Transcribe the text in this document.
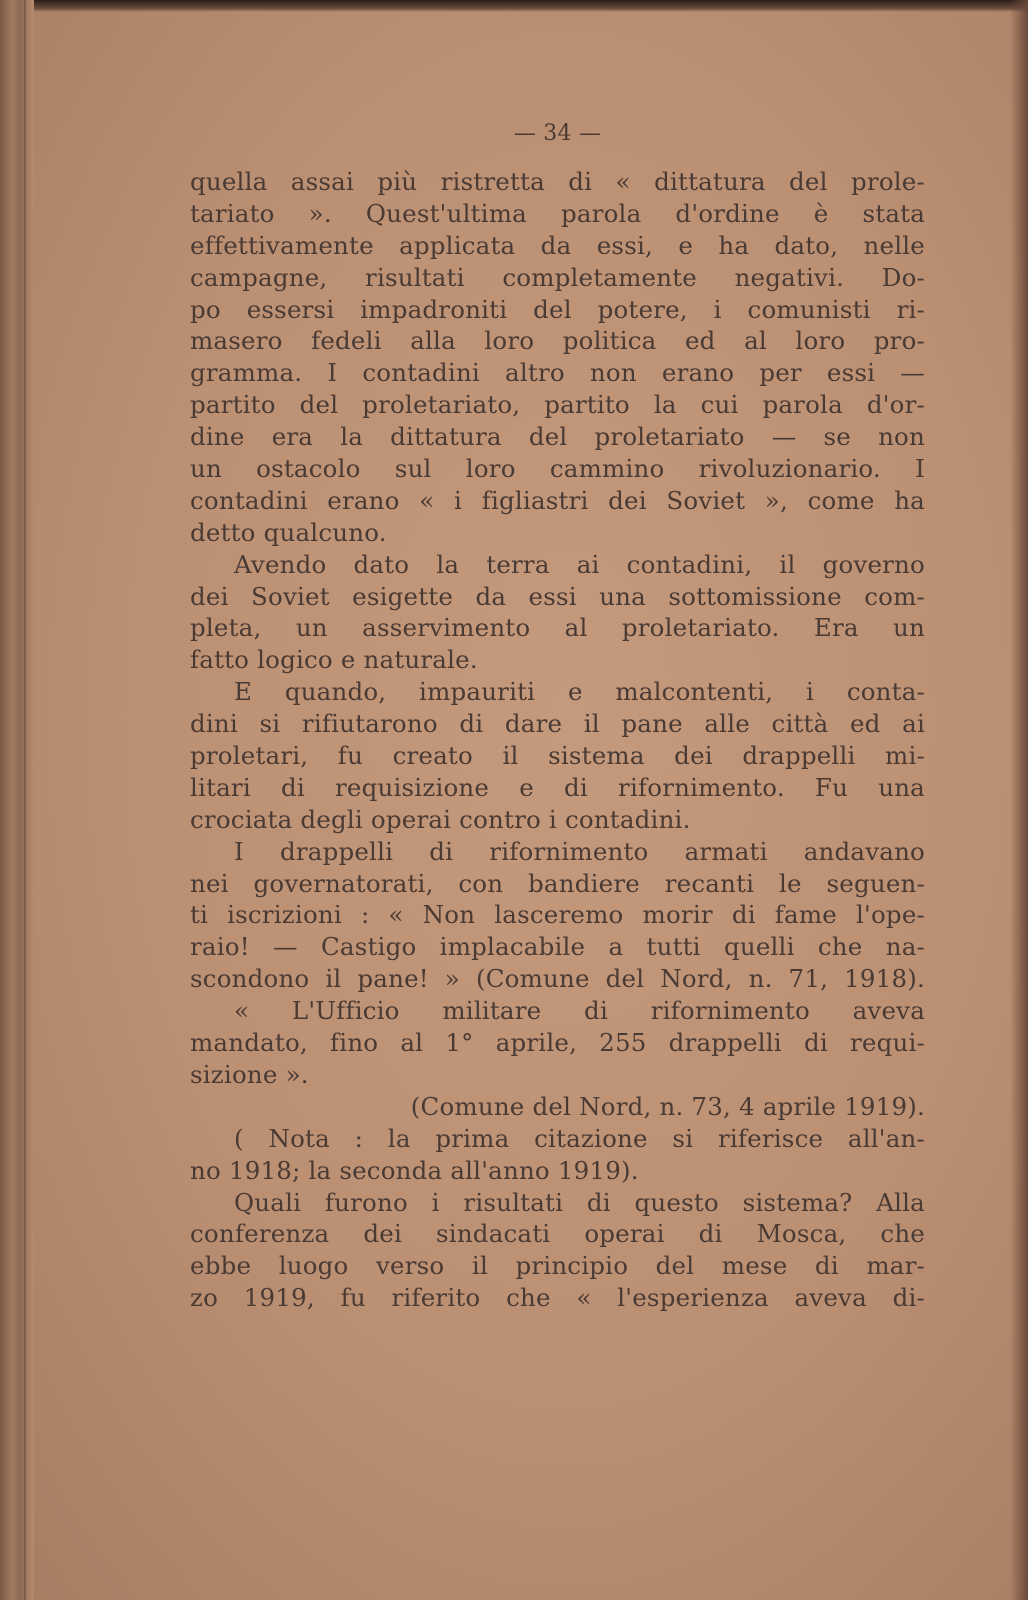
— 34 —
quella assai più ristretta di « dittatura del prole-
tariato ». Quest'ultima parola d'ordine è stata
effettivamente applicata da essi, e ha dato, nelle
campagne, risultati completamente negativi. Do-
po essersi impadroniti del potere, i comunisti ri-
masero fedeli alla loro politica ed al loro pro-
gramma. I contadini altro non erano per essi —
partito del proletariato, partito la cui parola d'or-
dine era la dittatura del proletariato — se non
un ostacolo sul loro cammino rivoluzionario. I
contadini erano « i figliastri dei Soviet », come ha
detto qualcuno.
Avendo dato la terra ai contadini, il governo
dei Soviet esigette da essi una sottomissione com-
pleta, un asservimento al proletariato. Era un
fatto logico e naturale.
E quando, impauriti e malcontenti, i conta-
dini si rifiutarono di dare il pane alle città ed ai
proletari, fu creato il sistema dei drappelli mi-
litari di requisizione e di rifornimento. Fu una
crociata degli operai contro i contadini.
I drappelli di rifornimento armati andavano
nei governatorati, con bandiere recanti le seguen-
ti iscrizioni : « Non lasceremo morir di fame l'ope-
raio! — Castigo implacabile a tutti quelli che na-
scondono il pane! » (Comune del Nord, n. 71, 1918).
« L'Ufficio militare di rifornimento aveva
mandato, fino al 1° aprile, 255 drappelli di requi-
sizione ».
(Comune del Nord, n. 73, 4 aprile 1919).
( Nota : la prima citazione si riferisce all'an-
no 1918; la seconda all'anno 1919).
Quali furono i risultati di questo sistema? Alla
conferenza dei sindacati operai di Mosca, che
ebbe luogo verso il principio del mese di mar-
zo 1919, fu riferito che « l'esperienza aveva di-
